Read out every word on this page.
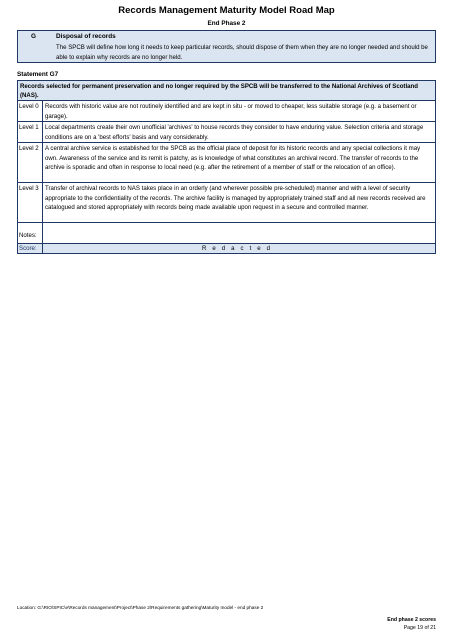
Records Management Maturity Model Road Map
End Phase 2
G	Disposal of records
The SPCB will define how long it needs to keep particular records, should dispose of them when they are no longer needed and should be able to explain why records are no longer held.
Statement G7
Records selected for permanent preservation and no longer required by the SPCB will be transferred to the National Archives of Scotland (NAS).
Level 0	Records with historic value are not routinely identified and are kept in situ - or moved to cheaper, less suitable storage (e.g. a basement or garage).
Level 1	Local departments create their own unofficial 'archives' to house records they consider to have enduring value. Selection criteria and storage conditions are on a 'best efforts' basis and vary considerably.
Level 2	A central archive service is established for the SPCB as the official place of deposit for its historic records and any special collections it may own. Awareness of the service and its remit is patchy, as is knowledge of what constitutes an archival record. The transfer of records to the archive is sporadic and often in response to local need (e.g. after the retirement of a member of staff or the relocation of an office).
Level 3	Transfer of archival records to NAS takes place in an orderly (and wherever possible pre-scheduled) manner and with a level of security appropriate to the confidentiality of the records. The archive facility is managed by appropriately trained staff and all new records received are catalogued and stored appropriately with records being made available upon request in a secure and controlled manner.
Notes:
Score:	Redacted
Location: G:\RIO\SPIC\e\Records management\Project\Phase 2\Requirements gathering\Maturity model - end phase 2
End phase 2 scores
Page 19 of 21
